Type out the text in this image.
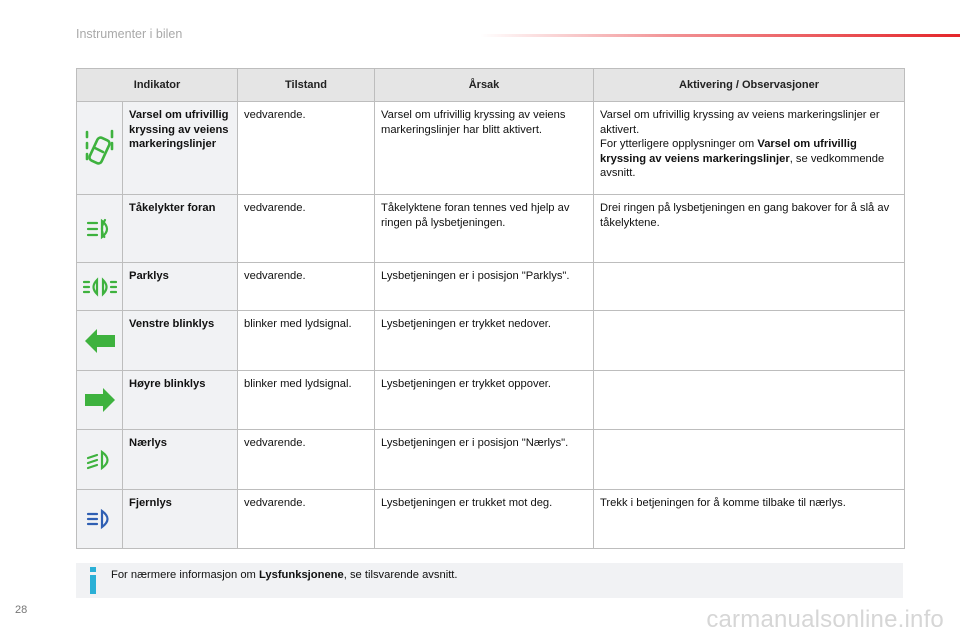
Instrumenter i bilen
Indikator		Tilstand	Årsak	Aktivering / Observasjoner
	Varsel om ufrivillig kryssing av veiens markeringslinjer	vedvarende.	Varsel om ufrivillig kryssing av veiens markeringslinjer har blitt aktivert.	Varsel om ufrivillig kryssing av veiens markeringslinjer er aktivert.
For ytterligere opplysninger om Varsel om ufrivillig kryssing av veiens markeringslinjer, se vedkommende avsnitt.
	Tåkelykter foran	vedvarende.	Tåkelyktene foran tennes ved hjelp av ringen på lysbetjeningen.	Drei ringen på lysbetjeningen en gang bakover for å slå av tåkelyktene.
	Parklys	vedvarende.	Lysbetjeningen er i posisjon "Parklys".	
	Venstre blinklys	blinker med lydsignal.	Lysbetjeningen er trykket nedover.	
	Høyre blinklys	blinker med lydsignal.	Lysbetjeningen er trykket oppover.	
	Nærlys	vedvarende.	Lysbetjeningen er i posisjon "Nærlys".	
	Fjernlys	vedvarende.	Lysbetjeningen er trukket mot deg.	Trekk i betjeningen for å komme tilbake til nærlys.
For nærmere informasjon om Lysfunksjonene, se tilsvarende avsnitt.
28	carmanualsonline.info
